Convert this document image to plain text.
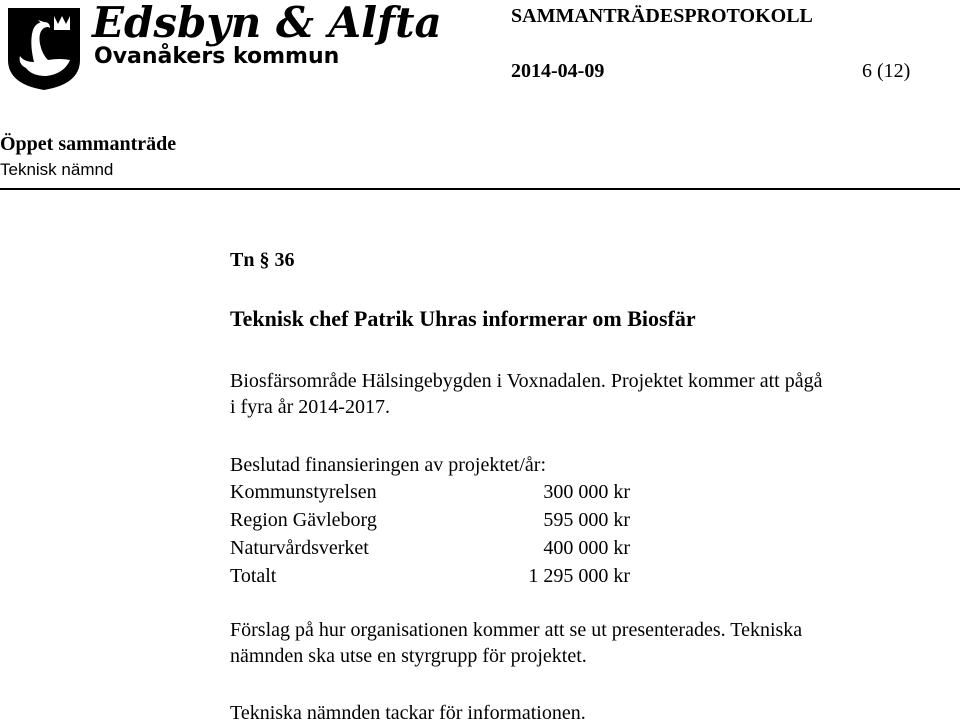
Edsbyn & Alfta
Ovanåkers kommun
SAMMANTRÄDESPROTOKOLL
2014-04-09	6 (12)
Öppet sammanträde
Teknisk nämnd
Tn § 36
Teknisk chef Patrik Uhras informerar om Biosfär
Biosfärsområde Hälsingebygden i Voxnadalen. Projektet kommer att pågå
i fyra år 2014-2017.
Beslutad finansieringen av projektet/år:
Kommunstyrelsen	300 000 kr
Region Gävleborg	595 000 kr
Naturvårdsverket	400 000 kr
Totalt	1 295 000 kr
Förslag på hur organisationen kommer att se ut presenterades. Tekniska
nämnden ska utse en styrgrupp för projektet.
Tekniska nämnden tackar för informationen.
